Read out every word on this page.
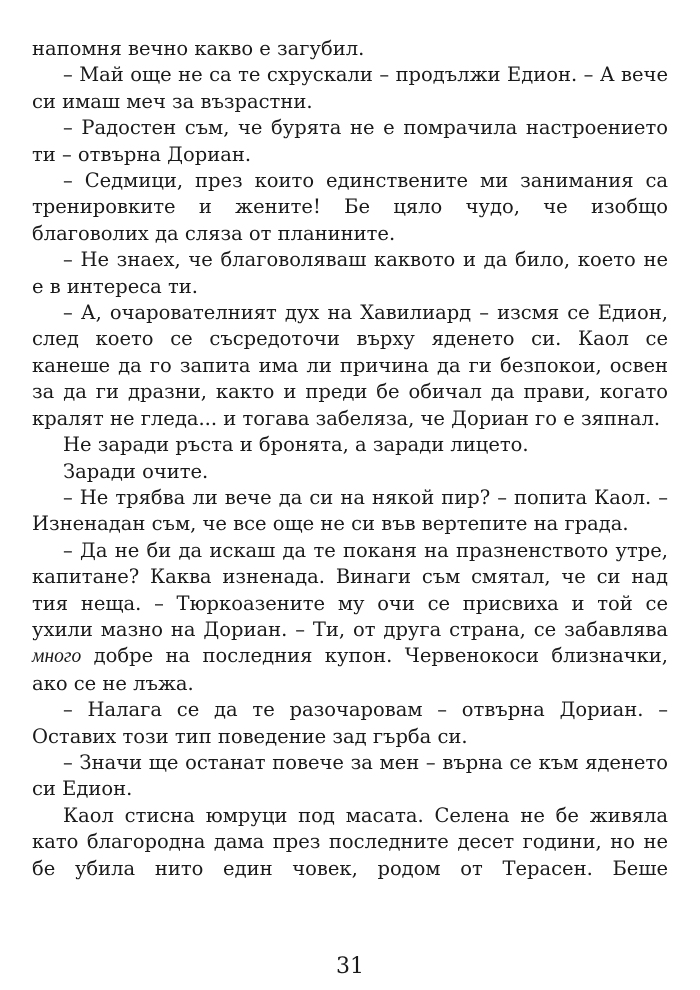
напомня вечно какво е загубил.

– Май още не са те схрускали – продължи Едион. – А вече си имаш меч за възрастни.

– Радостен съм, че бурята не е помрачила настроението ти – отвърна Дориан.

– Седмици, през които единствените ми занимания са тренировките и жените! Бе цяло чудо, че изобщо благоволих да сляза от планините.

– Не знаех, че благоволяваш каквото и да било, което не е в интереса ти.

– А, очарователният дух на Хавилиард – изсмя се Едион, след което се съсредоточи върху яденето си. Каол се канеше да го запита има ли причина да ги безпокои, освен за да ги дразни, както и преди бе обичал да прави, когато кралят не гледа... и тогава забеляза, че Дориан го е зяпнал.

Не заради ръста и бронята, а заради лицето.

Заради очите.

– Не трябва ли вече да си на някой пир? – попита Каол. – Изненадан съм, че все още не си във вертепите на града.

– Да не би да искаш да те поканя на празненството утре, капитане? Каква изненада. Винаги съм смятал, че си над тия неща. – Тюркоазените му очи се присвиха и той се ухили мазно на Дориан. – Ти, от друга страна, се забавлява много добре на последния купон. Червенокоси близначки, ако се не лъжа.

– Налага се да те разочаровам – отвърна Дориан. – Оставих този тип поведение зад гърба си.

– Значи ще останат повече за мен – върна се към яденето си Едион.

Каол стисна юмруци под масата. Селена не бе живяла като благородна дама през последните десет години, но не бе убила нито един човек, родом от Терасен. Беше

31
